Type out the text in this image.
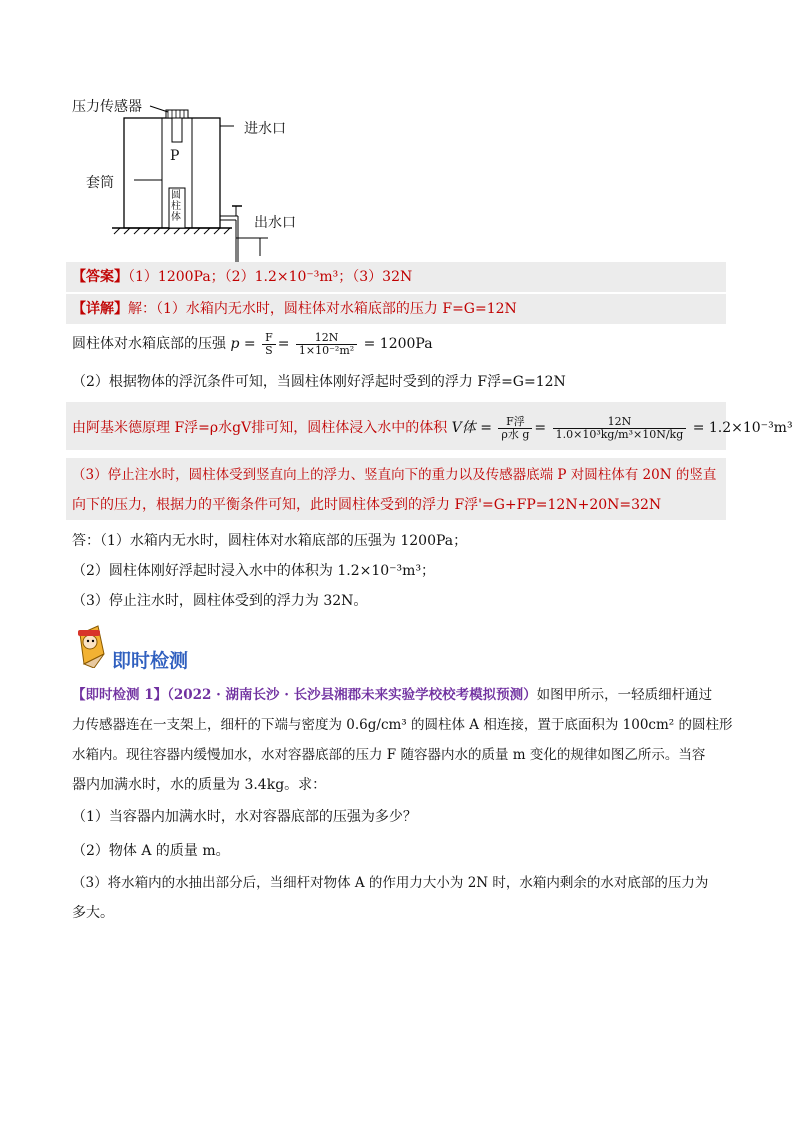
压力传感器
进水口
P
套筒
圆柱体	出水口
【答案】（1）1200Pa；（2）1.2×10⁻³m³；（3）32N
【详解】解：（1）水箱内无水时，圆柱体对水箱底部的压力 F=G=12N
圆柱体对水箱底部的压强 $p = \frac{F}{S} = \frac{12N}{\text{1×10⁻²m²}} = 1200Pa$
（2）根据物体的浮沉条件可知，当圆柱体刚好浮起时受到的浮力 F浮=G=12N
由阿基米德原理 F浮=ρ水gV排可知，圆柱体浸入水中的体积 V体 = $\frac{\text{F浮}}{\text{ρ水 g}} = \frac{12N}{\text{1.0×10³kg/m³×10N/kg}} = 1.2\times 10^{-3}m^3$
（3）停止注水时，圆柱体受到竖直向上的浮力、竖直向下的重力以及传感器底端 P 对圆柱体有 20N 的竖直
向下的压力，根据力的平衡条件可知，此时圆柱体受到的浮力 F浮'=G+FP=12N+20N=32N
答：（1）水箱内无水时，圆柱体对水箱底部的压强为 1200Pa；
（2）圆柱体刚好浮起时浸入水中的体积为 1.2×10⁻³m³；
（3）停止注水时，圆柱体受到的浮力为 32N。
即时检测
【即时检测 1】（2022 · 湖南长沙 · 长沙县湘郡未来实验学校校考模拟预测）如图甲所示，一轻质细杆通过
力传感器连在一支架上，细杆的下端与密度为 0.6g/cm³ 的圆柱体 A 相连接，置于底面积为 100cm² 的圆柱形
水箱内。现往容器内缓慢加水，水对容器底部的压力 F 随容器内水的质量 m 变化的规律如图乙所示。当容
器内加满水时，水的质量为 3.4kg。求：
（1）当容器内加满水时，水对容器底部的压强为多少？
（2）物体 A 的质量 m。
（3）将水箱内的水抽出部分后，当细杆对物体 A 的作用力大小为 2N 时，水箱内剩余的水对底部的压力为
多大。
